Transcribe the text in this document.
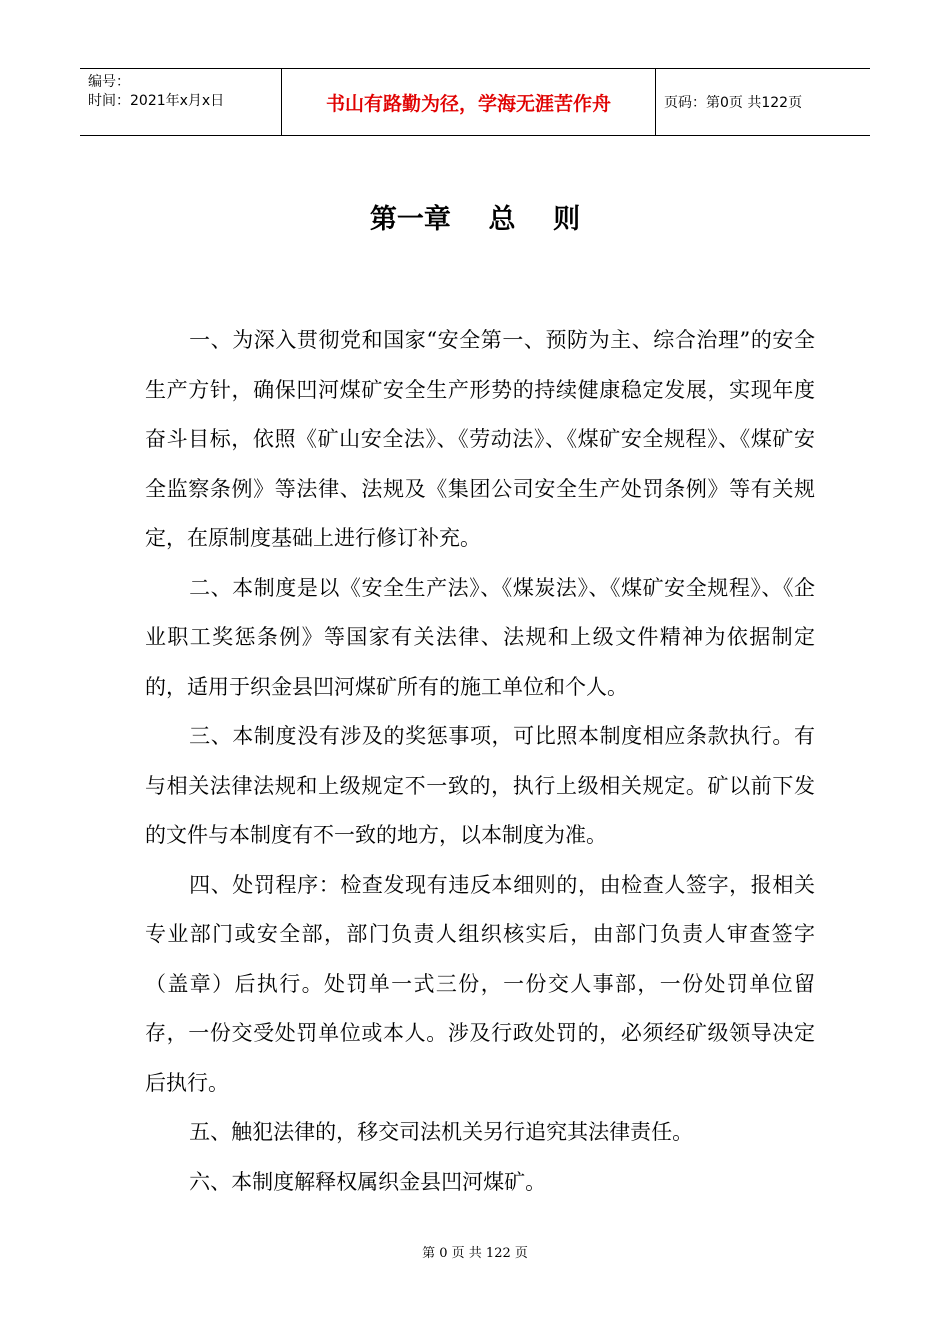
编号：
时间：2021年x月x日	书山有路勤为径，学海无涯苦作舟	页码：第0页 共122页
第一章    总    则

一、为深入贯彻党和国家“安全第一、预防为主、综合治理”的安全生产方针，确保凹河煤矿安全生产形势的持续健康稳定发展，实现年度奋斗目标，依照《矿山安全法》、《劳动法》、《煤矿安全规程》、《煤矿安全监察条例》等法律、法规及《集团公司安全生产处罚条例》等有关规定，在原制度基础上进行修订补充。

二、本制度是以《安全生产法》、《煤炭法》、《煤矿安全规程》、《企业职工奖惩条例》等国家有关法律、法规和上级文件精神为依据制定的，适用于织金县凹河煤矿所有的施工单位和个人。

三、本制度没有涉及的奖惩事项，可比照本制度相应条款执行。有与相关法律法规和上级规定不一致的，执行上级相关规定。矿以前下发的文件与本制度有不一致的地方，以本制度为准。

四、处罚程序：检查发现有违反本细则的，由检查人签字，报相关专业部门或安全部，部门负责人组织核实后，由部门负责人审查签字（盖章）后执行。处罚单一式三份，一份交人事部，一份处罚单位留存，一份交受处罚单位或本人。涉及行政处罚的，必须经矿级领导决定后执行。

五、触犯法律的，移交司法机关另行追究其法律责任。

六、本制度解释权属织金县凹河煤矿。

第 0 页 共 122 页
